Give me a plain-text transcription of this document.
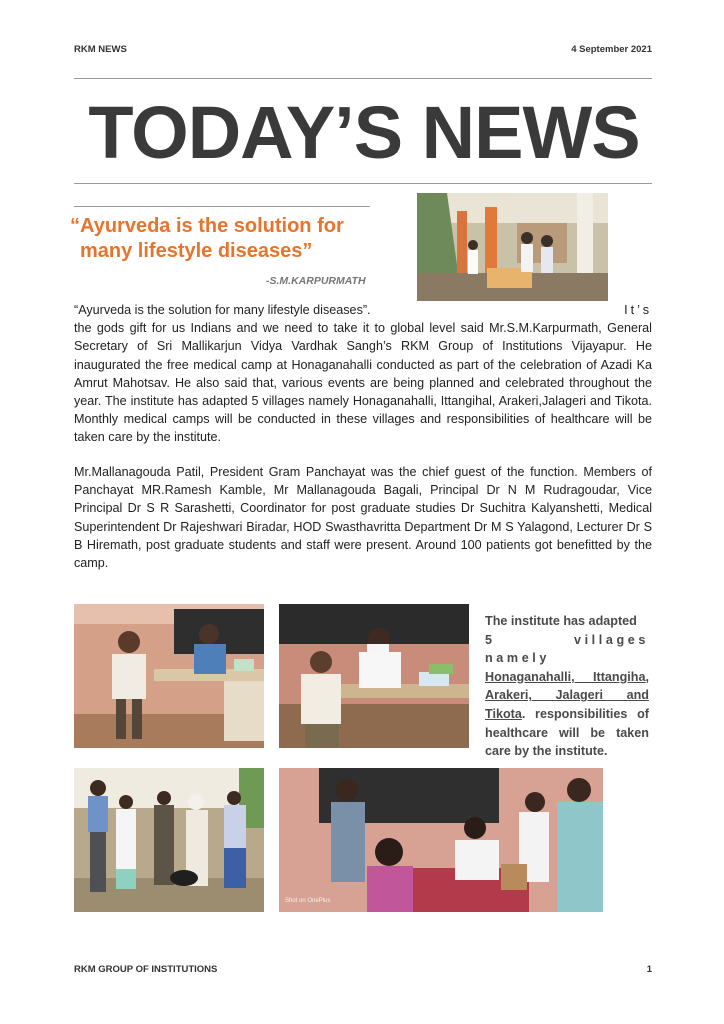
RKM NEWS	4 September 2021
TODAY’S NEWS
“Ayurveda is the solution for
many lifestyle diseases”
-S.M.KARPURMATH
“Ayurveda is the solution for many lifestyle diseases”.	It’s
the gods gift for us Indians and we need to take it to global level said Mr.S.M.Karpurmath, General Secretary of Sri Mallikarjun Vidya Vardhak Sangh’s RKM Group of Institutions Vijayapur. He inaugurated the free medical camp at Honaganahalli conducted as part of the celebration of Azadi Ka Amrut Mahotsav. He also said that, various events are being planned and celebrated throughout the year. The institute has adapted 5 villages namely Honaganahalli, Ittangihal, Arakeri,Jalageri and Tikota. Monthly medical camps will be conducted in these villages and responsibilities of healthcare will be taken care by the institute.
Mr.Mallanagouda Patil, President Gram Panchayat was the chief guest of the function. Members of Panchayat MR.Ramesh Kamble, Mr Mallanagouda Bagali, Principal Dr N M Rudragoudar, Vice Principal Dr S R Sarashetti, Coordinator for post graduate studies Dr Suchitra Kalyanshetti, Medical Superintendent Dr Rajeshwari Biradar, HOD Swasthavritta Department Dr M S Yalagond, Lecturer Dr S B Hiremath, post graduate students and staff were present. Around 100 patients got benefitted by the camp.
The institute has adapted
5 villages namely
Honaganahalli, Ittangiha, Arakeri, Jalageri and Tikota. responsibilities of healthcare will be taken care by the institute.
Shot on OnePlus
RKM GROUP OF INSTITUTIONS	1
